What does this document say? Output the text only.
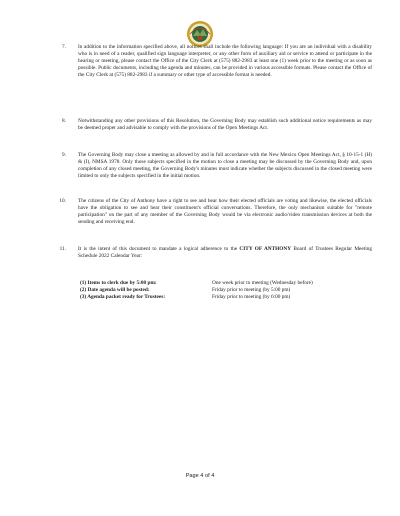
7. In addition to the information specified above, all notices shall include the following language: If you are an individual with a disability who is in need of a reader, qualified sign language interpreter, or any other form of auxiliary aid or service to attend or participate in the hearing or meeting, please contact the Office of the City Clerk at (575) 882-2983 at least one (1) week prior to the meeting or as soon as possible. Public documents, including the agenda and minutes, can be provided in various accessible formats. Please contact the Office of the City Clerk at (575) 882-2983 if a summary or other type of accessible format is needed.
8. Notwithstanding any other provisions of this Resolution, the Governing Body may establish such additional notice requirements as may be deemed proper and advisable to comply with the provisions of the Open Meetings Act.
9. The Governing Body may close a meeting as allowed by and in full accordance with the New Mexico Open Meetings Act, § 10-15-1 (H) & (I), NMSA 1978. Only those subjects specified in the motion to close a meeting may be discussed by the Governing Body and, upon completion of any closed meeting, the Governing Body's minutes must indicate whether the subjects discussed in the closed meeting were limited to only the subjects specified in the initial motion.
10. The citizens of the City of Anthony have a right to see and hear how their elected officials are voting and likewise, the elected officials have the obligation to see and hear their constituent's official conversations. Therefore, the only mechanism suitable for "remote participation" on the part of any member of the Governing Body would be via electronic audio/video transmission devices at both the sending and receiving end.
11. It is the intent of this document to mandate a logical adherence to the CITY OF ANTHONY Board of Trustees Regular Meeting Schedule 2022 Calendar Year:
(1) Items to clerk due by 5:00 pm:	One week prior to meeting (Wednesday before)
(2) Date agenda will be posted:	Friday prior to meeting (by 5:00 pm)
(3) Agenda packet ready for Trustees:	Friday prior to meeting (by 6:00 pm)
Page 4 of 4
